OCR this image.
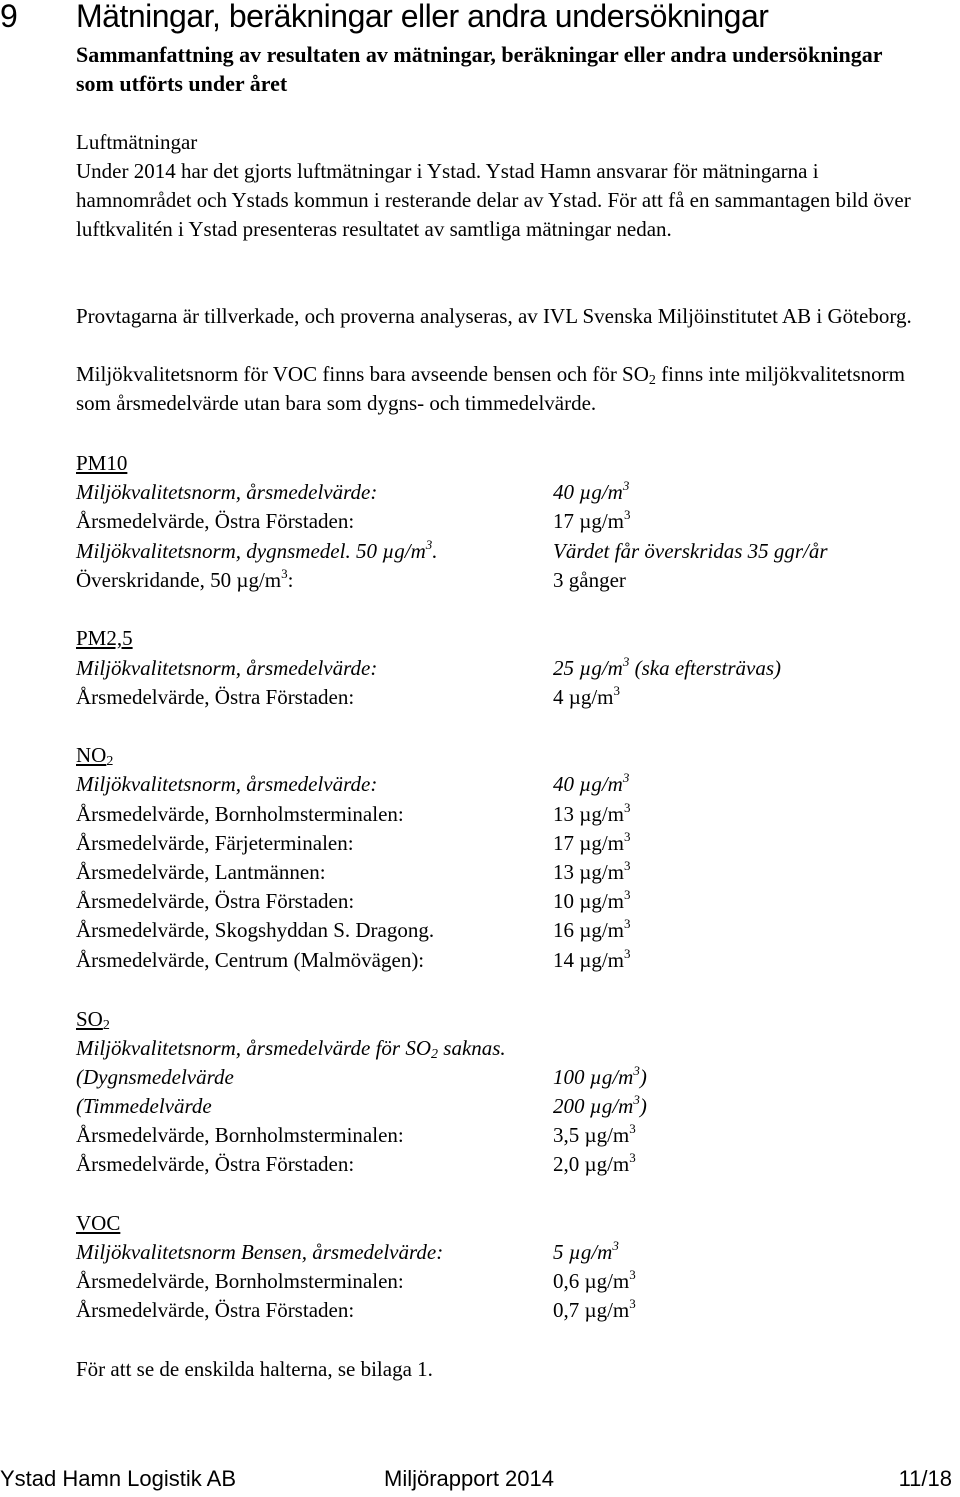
9 Mätningar, beräkningar eller andra undersökningar
Sammanfattning av resultaten av mätningar, beräkningar eller andra undersökningar som utförts under året
Luftmätningar
Under 2014 har det gjorts luftmätningar i Ystad. Ystad Hamn ansvarar för mätningarna i hamnområdet och Ystads kommun i resterande delar av Ystad. För att få en sammantagen bild över luftkvalitén i Ystad presenteras resultatet av samtliga mätningar nedan.
Provtagarna är tillverkade, och proverna analyseras, av IVL Svenska Miljöinstitutet AB i Göteborg.
Miljökvalitetsnorm för VOC finns bara avseende bensen och för $SO_2$ finns inte miljökvalitetsnorm som årsmedelvärde utan bara som dygns- och timmedelvärde.
PM10
Miljökvalitetsnorm, årsmedelvärde:	40 $\mu g/m^3$
Årsmedelvärde, Östra Förstaden:	17 $\mu g/m^3$
Miljökvalitetsnorm, dygnsmedel. 50 $\mu g/m^3$.	Värdet får överskridas 35 ggr/år
Överskridande, 50 $\mu g/m^3$:	3 gånger
PM2,5
Miljökvalitetsnorm, årsmedelvärde:	25 $\mu g/m^3$ (ska eftersträvas)
Årsmedelvärde, Östra Förstaden:	4 $\mu g/m^3$
$NO_2$
Miljökvalitetsnorm, årsmedelvärde:	40 $\mu g/m^3$
Årsmedelvärde, Bornholmsterminalen:	13 $\mu g/m^3$
Årsmedelvärde, Färjeterminalen:	17 $\mu g/m^3$
Årsmedelvärde, Lantmännen:	13 $\mu g/m^3$
Årsmedelvärde, Östra Förstaden:	10 $\mu g/m^3$
Årsmedelvärde, Skogshyddan S. Dragong.	16 $\mu g/m^3$
Årsmedelvärde, Centrum (Malmövägen):	14 $\mu g/m^3$
$SO_2$
Miljökvalitetsnorm, årsmedelvärde för $SO_2$ saknas.
(Dygnsmedelvärde	100 $\mu g/m^3$)
(Timmedelvärde	200 $\mu g/m^3$)
Årsmedelvärde, Bornholmsterminalen:	3,5 $\mu g/m^3$
Årsmedelvärde, Östra Förstaden:	2,0 $\mu g/m^3$
VOC
Miljökvalitetsnorm Bensen, årsmedelvärde:	5 $\mu g/m^3$
Årsmedelvärde, Bornholmsterminalen:	0,6 $\mu g/m^3$
Årsmedelvärde, Östra Förstaden:	0,7 $\mu g/m^3$
För att se de enskilda halterna, se bilaga 1.
Ystad Hamn Logistik AB	Miljörapport 2014	11/18
